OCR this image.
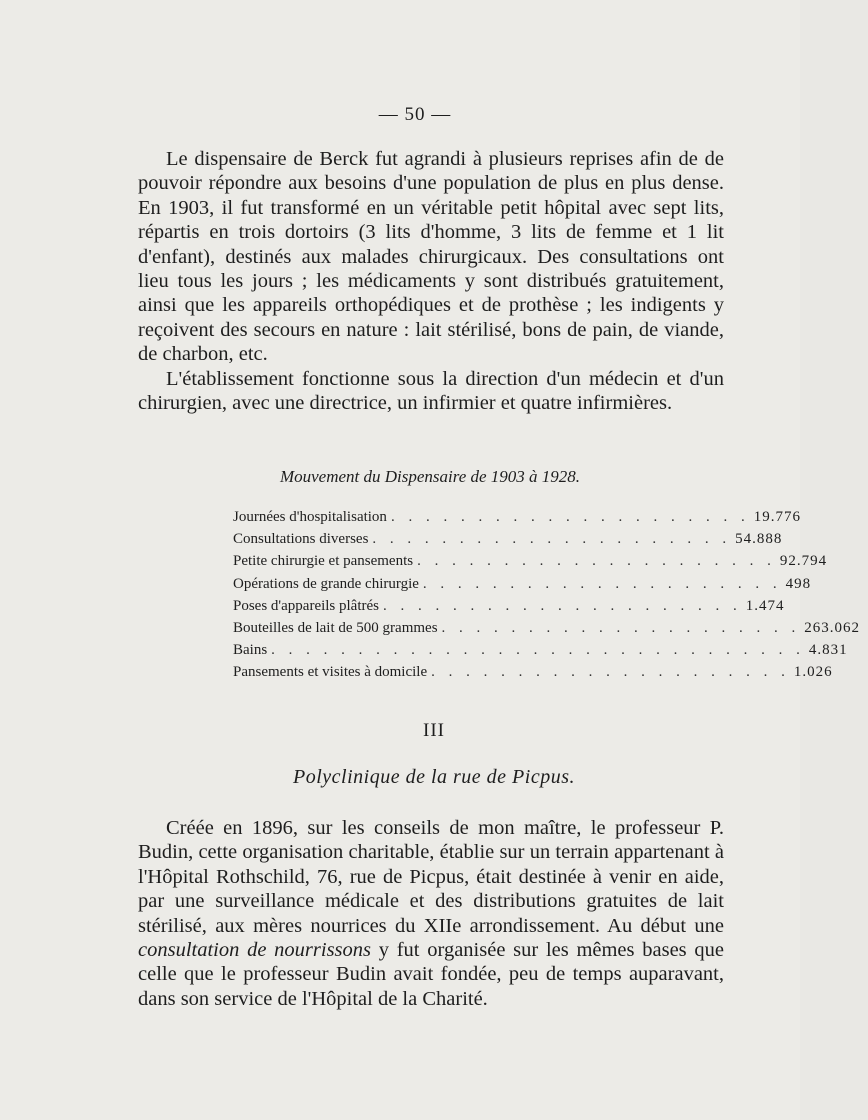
— 50 —

Le dispensaire de Berck fut agrandi à plusieurs reprises afin de de pouvoir répondre aux besoins d'une population de plus en plus dense. En 1903, il fut transformé en un véritable petit hôpital avec sept lits, répartis en trois dortoirs (3 lits d'homme, 3 lits de femme et 1 lit d'enfant), destinés aux malades chirurgicaux. Des consultations ont lieu tous les jours ; les médicaments y sont distribués gratuitement, ainsi que les appareils orthopédiques et de prothèse ; les indigents y reçoivent des secours en nature : lait stérilisé, bons de pain, de viande, de charbon, etc.

L'établissement fonctionne sous la direction d'un médecin et d'un chirurgien, avec une directrice, un infirmier et quatre infirmières.

Mouvement du Dispensaire de 1903 à 1928.
Journées d'hospitalisation . . . . . . . . . . . . . . . . . . . . . 19.776
Consultations diverses . . . . . . . . . . . . . . . . . . . . . 54.888
Petite chirurgie et pansements . . . . . . . . . . . . . . . . . . . . . 92.794
Opérations de grande chirurgie . . . . . . . . . . . . . . . . . . . . . 498
Poses d'appareils plâtrés . . . . . . . . . . . . . . . . . . . . . 1.474
Bouteilles de lait de 500 grammes . . . . . . . . . . . . . . . . . . . . . 263.062
Bains . . . . . . . . . . . . . . . . . . . . . . . . . . . . . . . 4.831
Pansements et visites à domicile . . . . . . . . . . . . . . . . . . . . . 1.026
III
Polyclinique de la rue de Picpus.

Créée en 1896, sur les conseils de mon maître, le professeur P. Budin, cette organisation charitable, établie sur un terrain appartenant à l'Hôpital Rothschild, 76, rue de Picpus, était destinée à venir en aide, par une surveillance médicale et des distributions gratuites de lait stérilisé, aux mères nourrices du XIIe arrondissement. Au début une consultation de nourrissons y fut organisée sur les mêmes bases que celle que le professeur Budin avait fondée, peu de temps auparavant, dans son service de l'Hôpital de la Charité.
